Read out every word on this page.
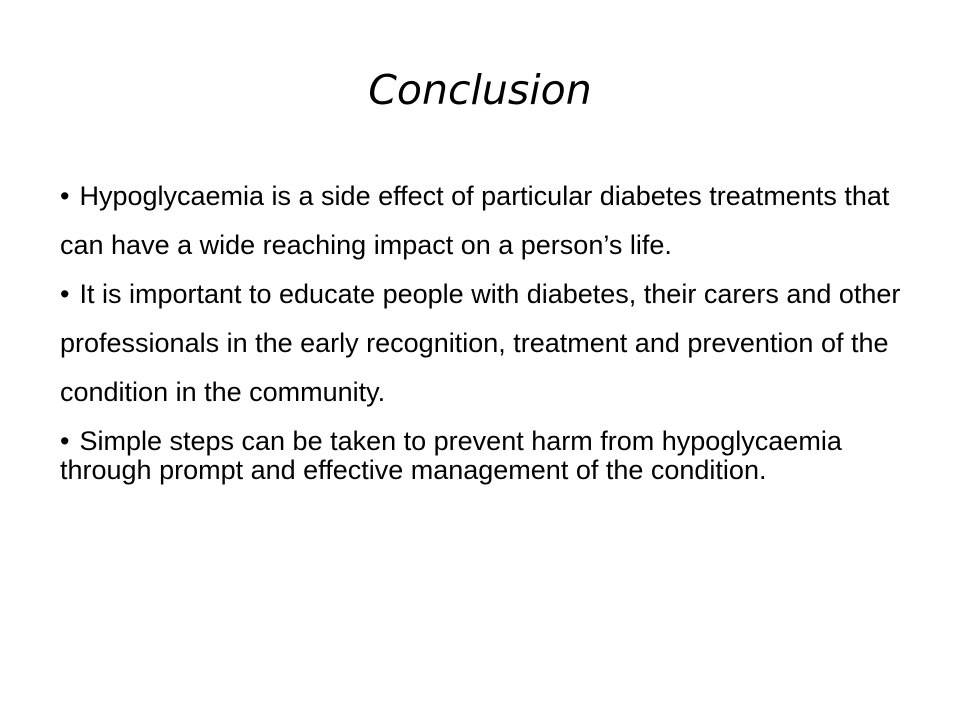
Conclusion

• Hypoglycaemia is a side effect of particular diabetes treatments that can have a wide reaching impact on a person’s life.

• It is important to educate people with diabetes, their carers and other professionals in the early recognition, treatment and prevention of the condition in the community.

• Simple steps can be taken to prevent harm from hypoglycaemia through prompt and effective management of the condition.
